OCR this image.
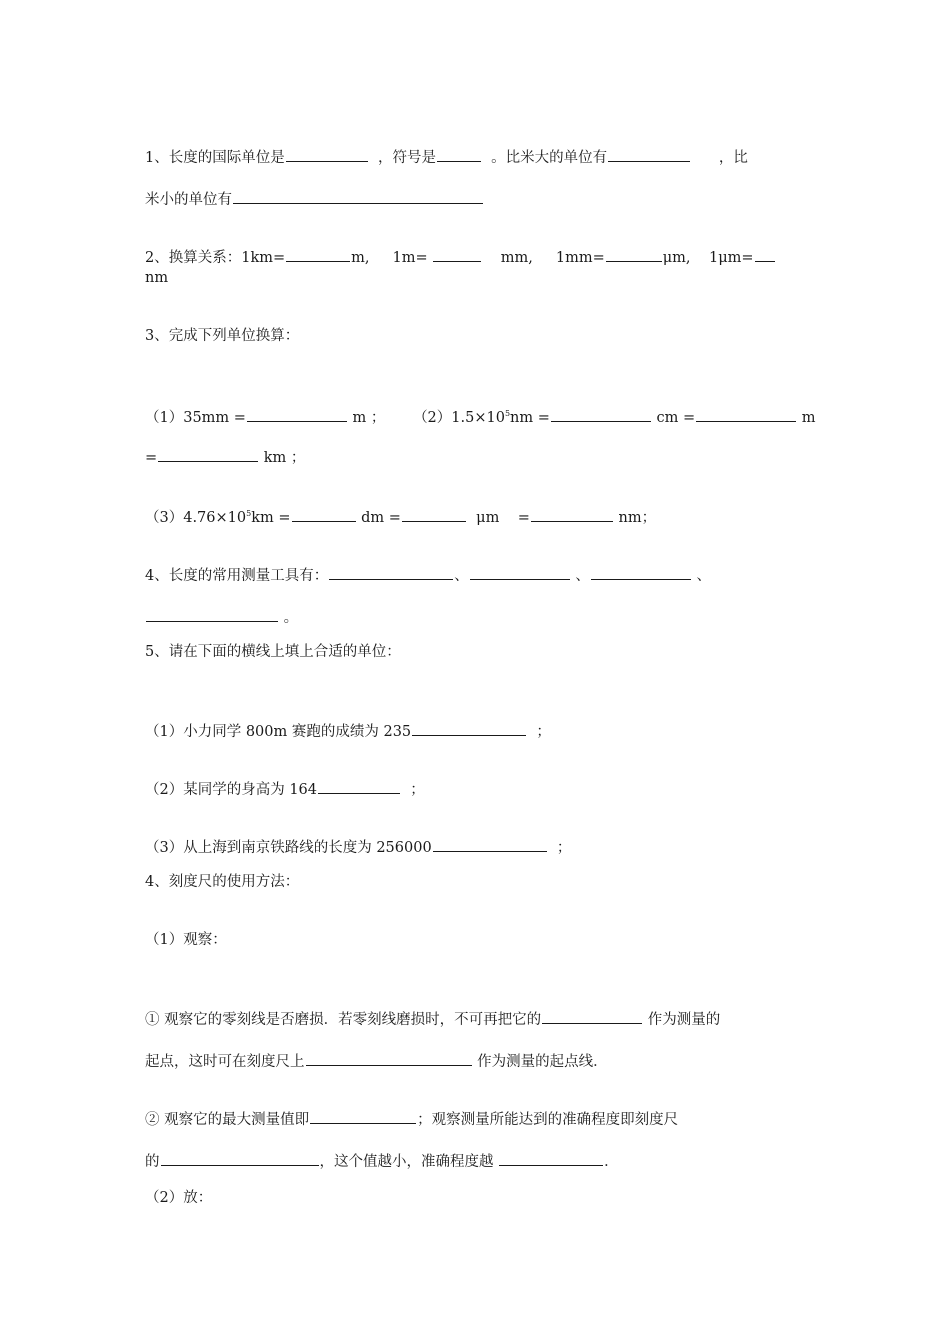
1、长度的国际单位是	，符号是	。比米大的单位有	，比

米小的单位有

2、换算关系：1km=	m, 1m=	mm, 1mm=	μm, 1μm=
nm
3、完成下列单位换算：

（1）35mm =	m ； $(2)1.5\times 10^5nm$ =	cm =	m

=	km ；

$(3)4.76\times 10^5km$ =	dm =	μm =	nm；

4、长度的常用测量工具有：	、	、	、

。
5、请在下面的横线上填上合适的单位：

（1）小力同学 800m 赛跑的成绩为 235	；

（2）某同学的身高为 164	；

（3）从上海到南京铁路线的长度为 256000	；
4、刻度尺的使用方法：
（1）观察：

① 观察它的零刻线是否磨损．若零刻线磨损时，不可再把它的	作为测量的

起点，这时可在刻度尺上	作为测量的起点线．

② 观察它的最大测量值即	；观察测量所能达到的准确程度即刻度尺

的	，这个值越小，准确程度越	．
（2）放：
